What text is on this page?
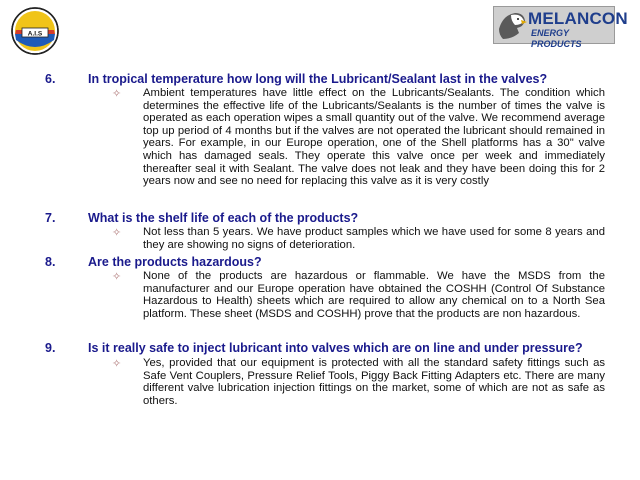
A.I.S
MELANCON
ENERGY PRODUCTS
6.	In tropical temperature how long will the Lubricant/Sealant last in the valves?
✧	Ambient temperatures have little effect on the Lubricants/Sealants. The condition which determines the effective life of the Lubricants/Sealants is the number of times the valve is operated as each operation wipes a small quantity out of the valve. We recommend average top up period of 4 months but if the valves are not operated the lubricant should remained in years. For example, in our Europe operation, one of the Shell platforms has a 30" valve which has damaged seals. They operate this valve once per week and immediately thereafter seal it with Sealant. The valve does not leak and they have been doing this for 2 years now and see no need for replacing this valve as it is very costly
7.	What is the shelf life of each of the products?
✧	Not less than 5 years. We have product samples which we have used for some 8 years and they are showing no signs of deterioration.
8.	Are the products hazardous?
✧	None of the products are hazardous or flammable. We have the MSDS from the manufacturer and our Europe operation have obtained the COSHH (Control Of Substance Hazardous to Health) sheets which are required to allow any chemical on to a North Sea platform. These sheet (MSDS and COSHH) prove that the products are non hazardous.
9.	Is it really safe to inject lubricant into valves which are on line and under pressure?
✧	Yes, provided that our equipment is protected with all the standard safety fittings such as Safe Vent Couplers, Pressure Relief Tools, Piggy Back Fitting Adapters etc. There are many different valve lubrication injection fittings on the market, some of which are not as safe as others.
